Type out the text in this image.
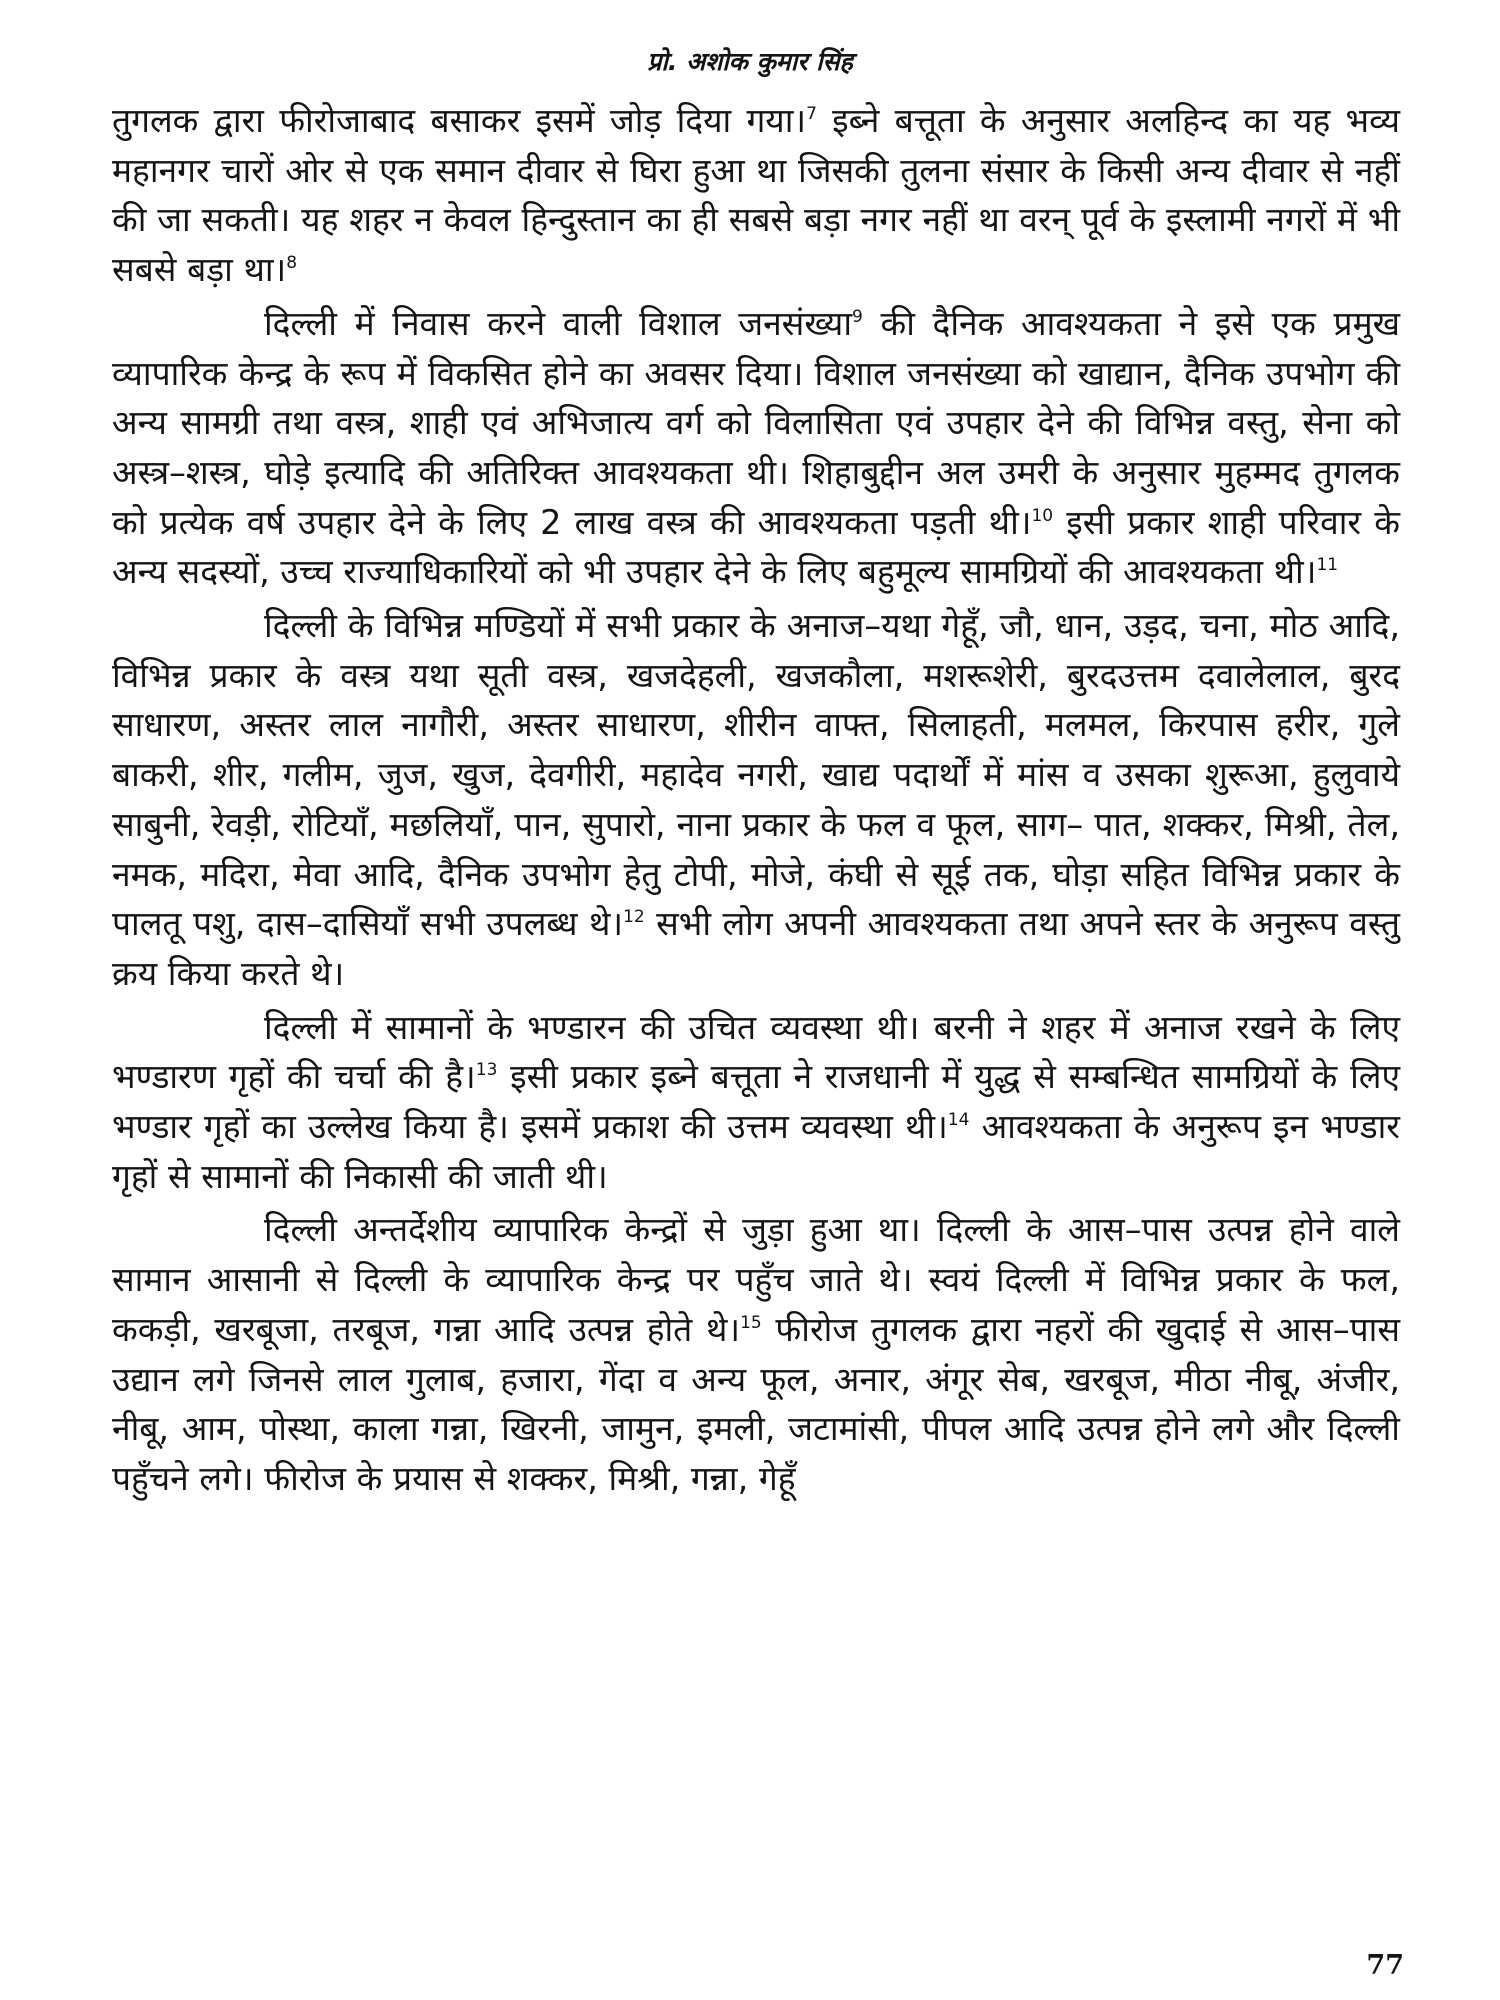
प्रो. अशोक कुमार सिंह

तुगलक द्वारा फीरोजाबाद बसाकर इसमें जोड़ दिया गया।$^7$ इब्ने बत्तूता के अनुसार अलहिन्द का यह भव्य महानगर चारों ओर से एक समान दीवार से घिरा हुआ था जिसकी तुलना संसार के किसी अन्य दीवार से नहीं की जा सकती। यह शहर न केवल हिन्दुस्तान का ही सबसे बड़ा नगर नहीं था वरन् पूर्व के इस्लामी नगरों में भी सबसे बड़ा था।$^8$

दिल्ली में निवास करने वाली विशाल जनसंख्या$^9$ की दैनिक आवश्यकता ने इसे एक प्रमुख व्यापारिक केन्द्र के रूप में विकसित होने का अवसर दिया। विशाल जनसंख्या को खाद्यान, दैनिक उपभोग की अन्य सामग्री तथा वस्त्र, शाही एवं अभिजात्य वर्ग को विलासिता एवं उपहार देने की विभिन्न वस्तु, सेना को अस्त्र–शस्त्र, घोड़े इत्यादि की अतिरिक्त आवश्यकता थी। शिहाबुद्दीन अल उमरी के अनुसार मुहम्मद तुगलक को प्रत्येक वर्ष उपहार देने के लिए 2 लाख वस्त्र की आवश्यकता पड़ती थी।$^{10}$ इसी प्रकार शाही परिवार के अन्य सदस्यों, उच्च राज्याधिकारियों को भी उपहार देने के लिए बहुमूल्य सामग्रियों की आवश्यकता थी।$^{11}$

दिल्ली के विभिन्न मण्डियों में सभी प्रकार के अनाज–यथा गेहूँ, जौ, धान, उड़द, चना, मोठ आदि, विभिन्न प्रकार के वस्त्र यथा सूती वस्त्र, खजदेहली, खजकौला, मशरूशेरी, बुरदउत्तम दवालेलाल, बुरद साधारण, अस्तर लाल नागौरी, अस्तर साधारण, शीरीन वाफ्त, सिलाहती, मलमल, किरपास हरीर, गुले बाकरी, शीर, गलीम, जुज, खुज, देवगीरी, महादेव नगरी, खाद्य पदार्थों में मांस व उसका शुरूआ, हुलुवाये साबुनी, रेवड़ी, रोटियाँ, मछलियाँ, पान, सुपारो, नाना प्रकार के फल व फूल, साग– पात, शक्कर, मिश्री, तेल, नमक, मदिरा, मेवा आदि, दैनिक उपभोग हेतु टोपी, मोजे, कंघी से सूई तक, घोड़ा सहित विभिन्न प्रकार के पालतू पशु, दास–दासियाँ सभी उपलब्ध थे।$^{12}$ सभी लोग अपनी आवश्यकता तथा अपने स्तर के अनुरूप वस्तु क्रय किया करते थे।

दिल्ली में सामानों के भण्डारन की उचित व्यवस्था थी। बरनी ने शहर में अनाज रखने के लिए भण्डारण गृहों की चर्चा की है।$^{13}$ इसी प्रकार इब्ने बत्तूता ने राजधानी में युद्ध से सम्बन्धित सामग्रियों के लिए भण्डार गृहों का उल्लेख किया है। इसमें प्रकाश की उत्तम व्यवस्था थी।$^{14}$ आवश्यकता के अनुरूप इन भण्डार गृहों से सामानों की निकासी की जाती थी।

दिल्ली अन्तर्देशीय व्यापारिक केन्द्रों से जुड़ा हुआ था। दिल्ली के आस–पास उत्पन्न होने वाले सामान आसानी से दिल्ली के व्यापारिक केन्द्र पर पहुँच जाते थे। स्वयं दिल्ली में विभिन्न प्रकार के फल, ककड़ी, खरबूजा, तरबूज, गन्ना आदि उत्पन्न होते थे।$^{15}$ फीरोज तुगलक द्वारा नहरों की खुदाई से आस–पास उद्यान लगे जिनसे लाल गुलाब, हजारा, गेंदा व अन्य फूल, अनार, अंगूर सेब, खरबूज, मीठा नीबू, अंजीर, नीबू, आम, पोस्था, काला गन्ना, खिरनी, जामुन, इमली, जटामांसी, पीपल आदि उत्पन्न होने लगे और दिल्ली पहुँचने लगे। फीरोज के प्रयास से शक्कर, मिश्री, गन्ना, गेहूँ

77
